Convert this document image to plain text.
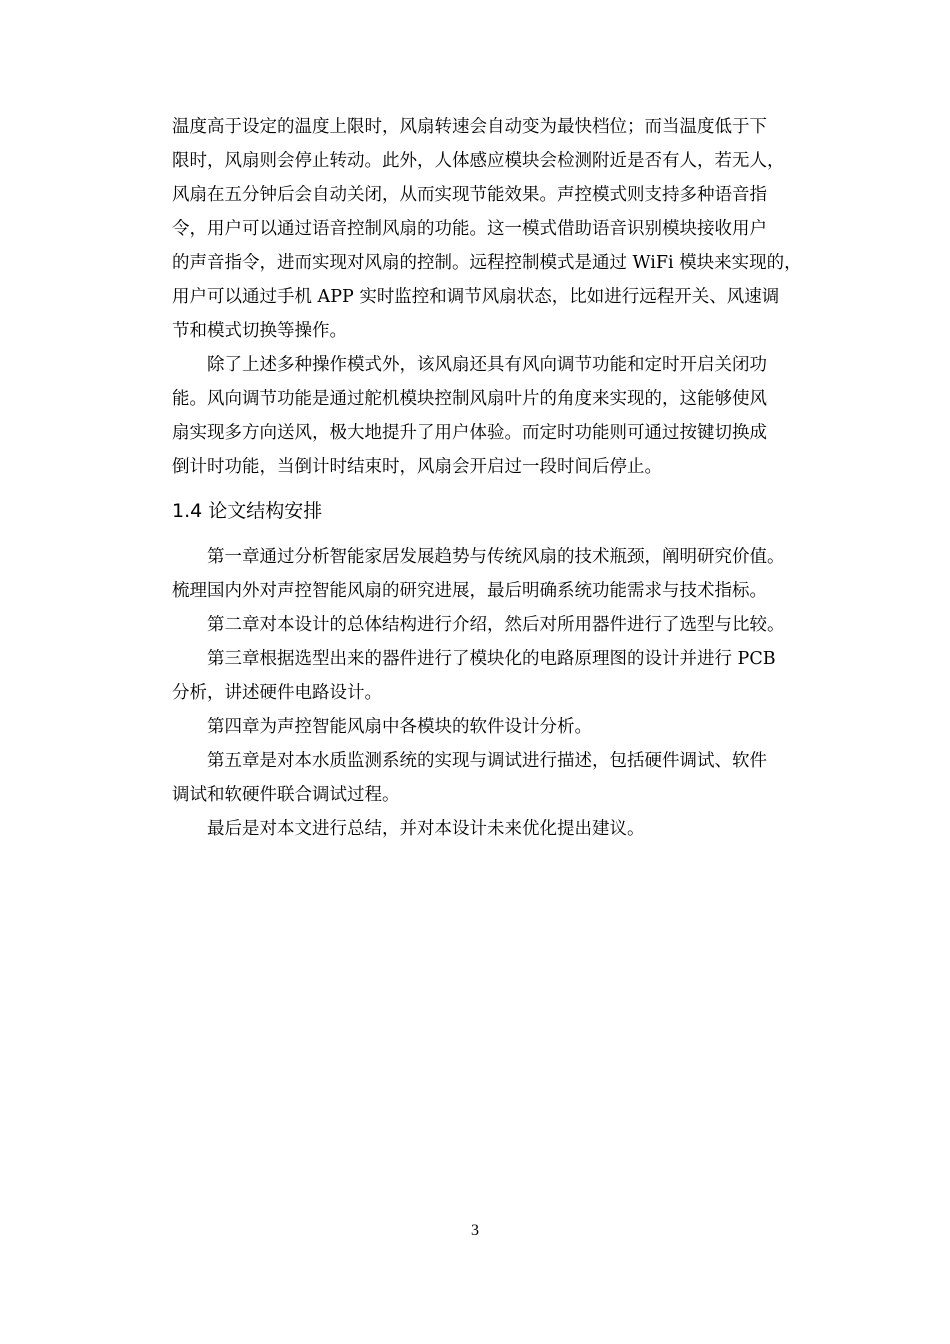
温度高于设定的温度上限时，风扇转速会自动变为最快档位；而当温度低于下
限时，风扇则会停止转动。此外，人体感应模块会检测附近是否有人，若无人，
风扇在五分钟后会自动关闭，从而实现节能效果。声控模式则支持多种语音指
令，用户可以通过语音控制风扇的功能。这一模式借助语音识别模块接收用户
的声音指令，进而实现对风扇的控制。远程控制模式是通过 WiFi 模块来实现的，
用户可以通过手机 APP 实时监控和调节风扇状态，比如进行远程开关、风速调
节和模式切换等操作。
　　除了上述多种操作模式外，该风扇还具有风向调节功能和定时开启关闭功
能。风向调节功能是通过舵机模块控制风扇叶片的角度来实现的，这能够使风
扇实现多方向送风，极大地提升了用户体验。而定时功能则可通过按键切换成
倒计时功能，当倒计时结束时，风扇会开启过一段时间后停止。
1.4 论文结构安排
　　第一章通过分析智能家居发展趋势与传统风扇的技术瓶颈，阐明研究价值。
梳理国内外对声控智能风扇的研究进展，最后明确系统功能需求与技术指标。
　　第二章对本设计的总体结构进行介绍，然后对所用器件进行了选型与比较。
　　第三章根据选型出来的器件进行了模块化的电路原理图的设计并进行 PCB
分析，讲述硬件电路设计。
　　第四章为声控智能风扇中各模块的软件设计分析。
　　第五章是对本水质监测系统的实现与调试进行描述，包括硬件调试、软件
调试和软硬件联合调试过程。
　　最后是对本文进行总结，并对本设计未来优化提出建议。
3
